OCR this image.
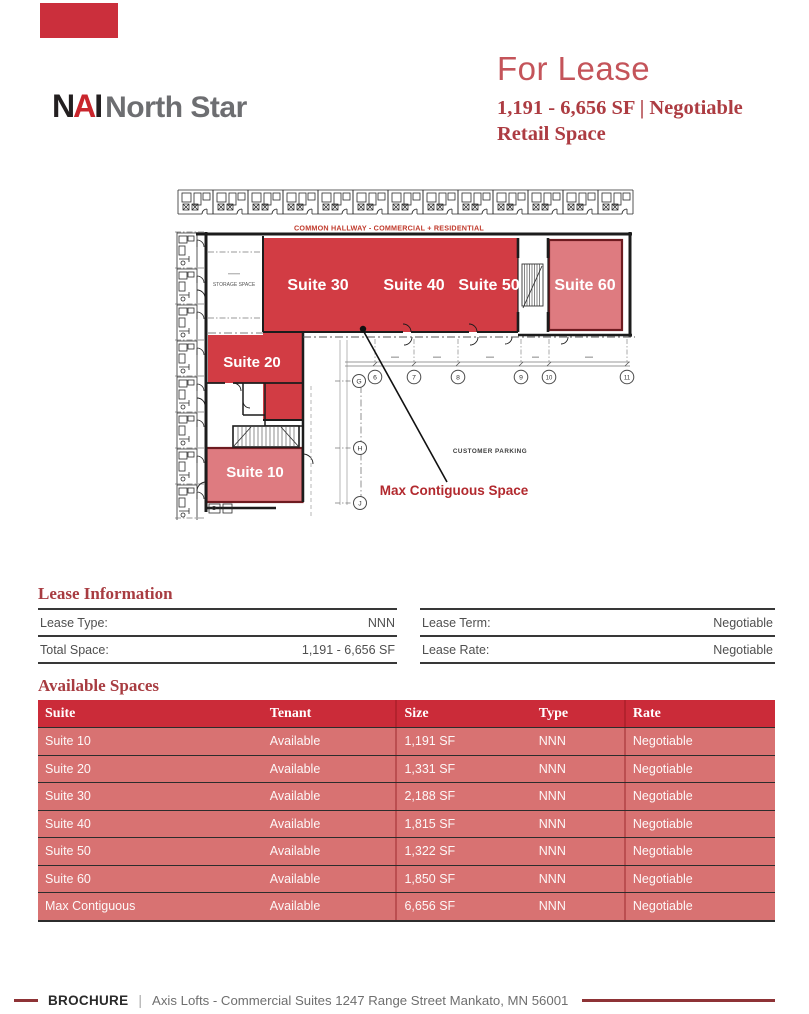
NAI North Star
For Lease
1,191 - 6,656 SF | Negotiable
Retail Space
COMMON HALLWAY - COMMERCIAL + RESIDENTIAL
STORAGE SPACE
6	7	8	9	10	11
G
H
J
Suite 30 Suite 40 Suite 50 Suite 60
Suite 20
Suite 10
CUSTOMER PARKING
Max Contiguous Space
Lease Information
Lease Type:	NNN
Total Space:	1,191 - 6,656 SF
Lease Term:	Negotiable
Lease Rate:	Negotiable
Available Spaces
Suite	Tenant	Size	Type	Rate
Suite 10	Available	1,191 SF	NNN	Negotiable
Suite 20	Available	1,331 SF	NNN	Negotiable
Suite 30	Available	2,188 SF	NNN	Negotiable
Suite 40	Available	1,815 SF	NNN	Negotiable
Suite 50	Available	1,322 SF	NNN	Negotiable
Suite 60	Available	1,850 SF	NNN	Negotiable
Max Contiguous	Available	6,656 SF	NNN	Negotiable
BROCHURE | Axis Lofts - Commercial Suites 1247 Range Street Mankato, MN 56001
